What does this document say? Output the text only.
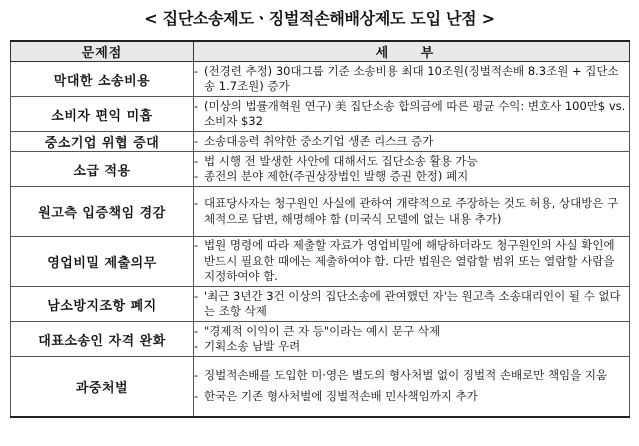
< 집단소송제도ㆍ징벌적손해배상제도 도입 난점 >
문제점	세 부
막대한 소송비용	- (전경련 추정) 30대그룹 기준 소송비용 최대 10조원(징벌적손배 8.3조원 + 집단소송 1.7조원) 증가

소비자 편익 미흡	- (미상의 법률개혁원 연구) 美 집단소송 합의금에 따른 평균 수익: 변호사 100만$ vs. 소비자 $32

중소기업 위협 증대	- 소송대응력 취약한 중소기업 생존 리스크 증가

소급 적용	- 법 시행 전 발생한 사안에 대해서도 집단소송 활용 가능
- 종전의 분야 제한(주권상장법인 발행 증권 한정) 폐지

원고측 입증책임 경감	- 대표당사자는 청구원인 사실에 관하여 개략적으로 주장하는 것도 허용, 상대방은 구체적으로 답변, 해명해야 함 (미국식 모델에 없는 내용 추가)

영업비밀 제출의무	- 법원 명령에 따라 제출할 자료가 영업비밀에 해당하더라도 청구원인의 사실 확인에 반드시 필요한 때에는 제출하여야 함. 다만 법원은 열람할 범위 또는 열람할 사람을 지정하여야 함.

남소방지조항 폐지	- '최근 3년간 3건 이상의 집단소송에 관여했던 자'는 원고측 소송대리인이 될 수 없다는 조항 삭제

대표소송인 자격 완화	- "경제적 이익이 큰 자 등"이라는 예시 문구 삭제
- 기획소송 남발 우려

과중처벌	- 징벌적손배를 도입한 미·영은 별도의 형사처벌 없이 징벌적 손배로만 책임을 지움
- 한국은 기존 형사처벌에 징벌적손배 민사책임까지 추가
